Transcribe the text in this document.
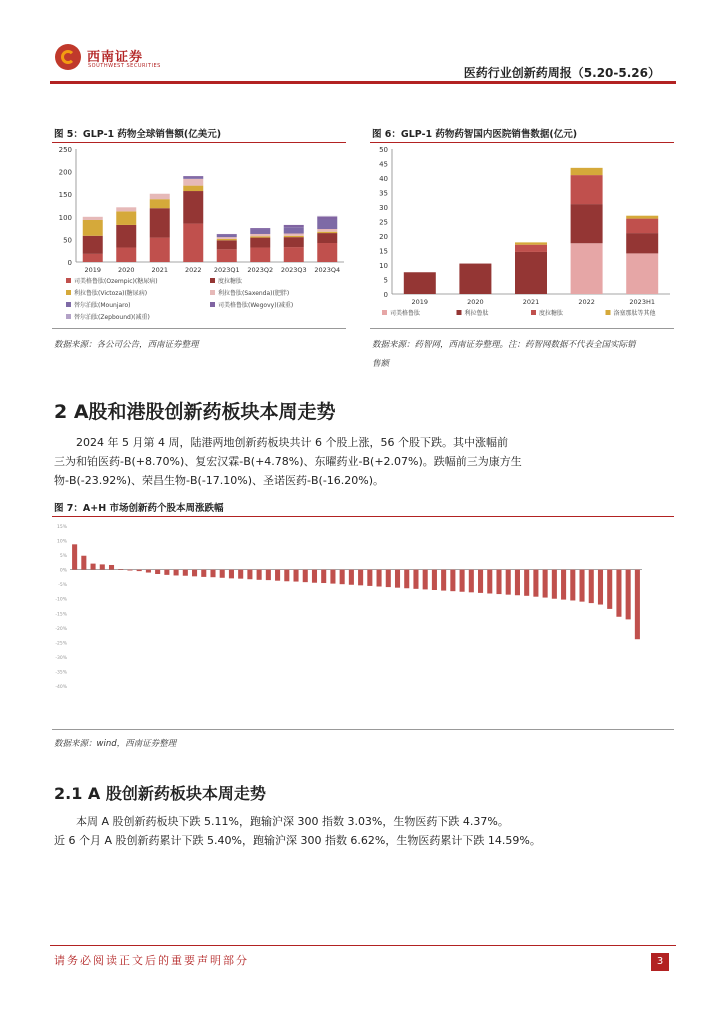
西南证券
SOUTHWEST SECURITIES	医药行业创新药周报（5.20-5.26）
图 5：GLP-1 药物全球销售额(亿美元)
0
50
100
150
200
250
2019	2020	2021	2022 2023Q1 2023Q2 2023Q3 2023Q4
司美格鲁肽(Ozempic)(糖尿病)	度拉糖肽
利拉鲁肽(Victoza)(糖尿病)	利拉鲁肽(Saxenda)(肥胖)
替尔泊肽(Mounjaro)	司美格鲁肽(Wegovy)(减重)
替尔泊肽(Zepbound)(减重)
数据来源：各公司公告，西南证券整理
图 6：GLP-1 药物药智国内医院销售数据(亿元)
0
5
10
15
20
25
30
35
40
45
50
2019	2020	2021	2022	2023H1
司美格鲁肽	利拉鲁肽	度拉糖肽	洛塞那肽等其他
数据来源：药智网，西南证券整理。注：药智网数据不代表全国实际销
售额
2 A股和港股创新药板块本周走势
2024 年 5 月第 4 周，陆港两地创新药板块共计 6 个股上涨，56 个股下跌。其中涨幅前
三为和铂医药-B(+8.70%)、复宏汉霖-B(+4.78%)、东曜药业-B(+2.07%)。跌幅前三为康方生
物-B(-23.92%)、荣昌生物-B(-17.10%)、圣诺医药-B(-16.20%)。
图 7：A+H 市场创新药个股本周涨跌幅
15%
10%
5%
0%
-5%
-10%
-15%
-20%
-25%
-30%
-35%
-40%
数据来源：wind，西南证券整理
2.1 A 股创新药板块本周走势
本周 A 股创新药板块下跌 5.11%，跑输沪深 300 指数 3.03%，生物医药下跌 4.37%。
近 6 个月 A 股创新药累计下跌 5.40%，跑输沪深 300 指数 6.62%，生物医药累计下跌 14.59%。
请务必阅读正文后的重要声明部分	3
